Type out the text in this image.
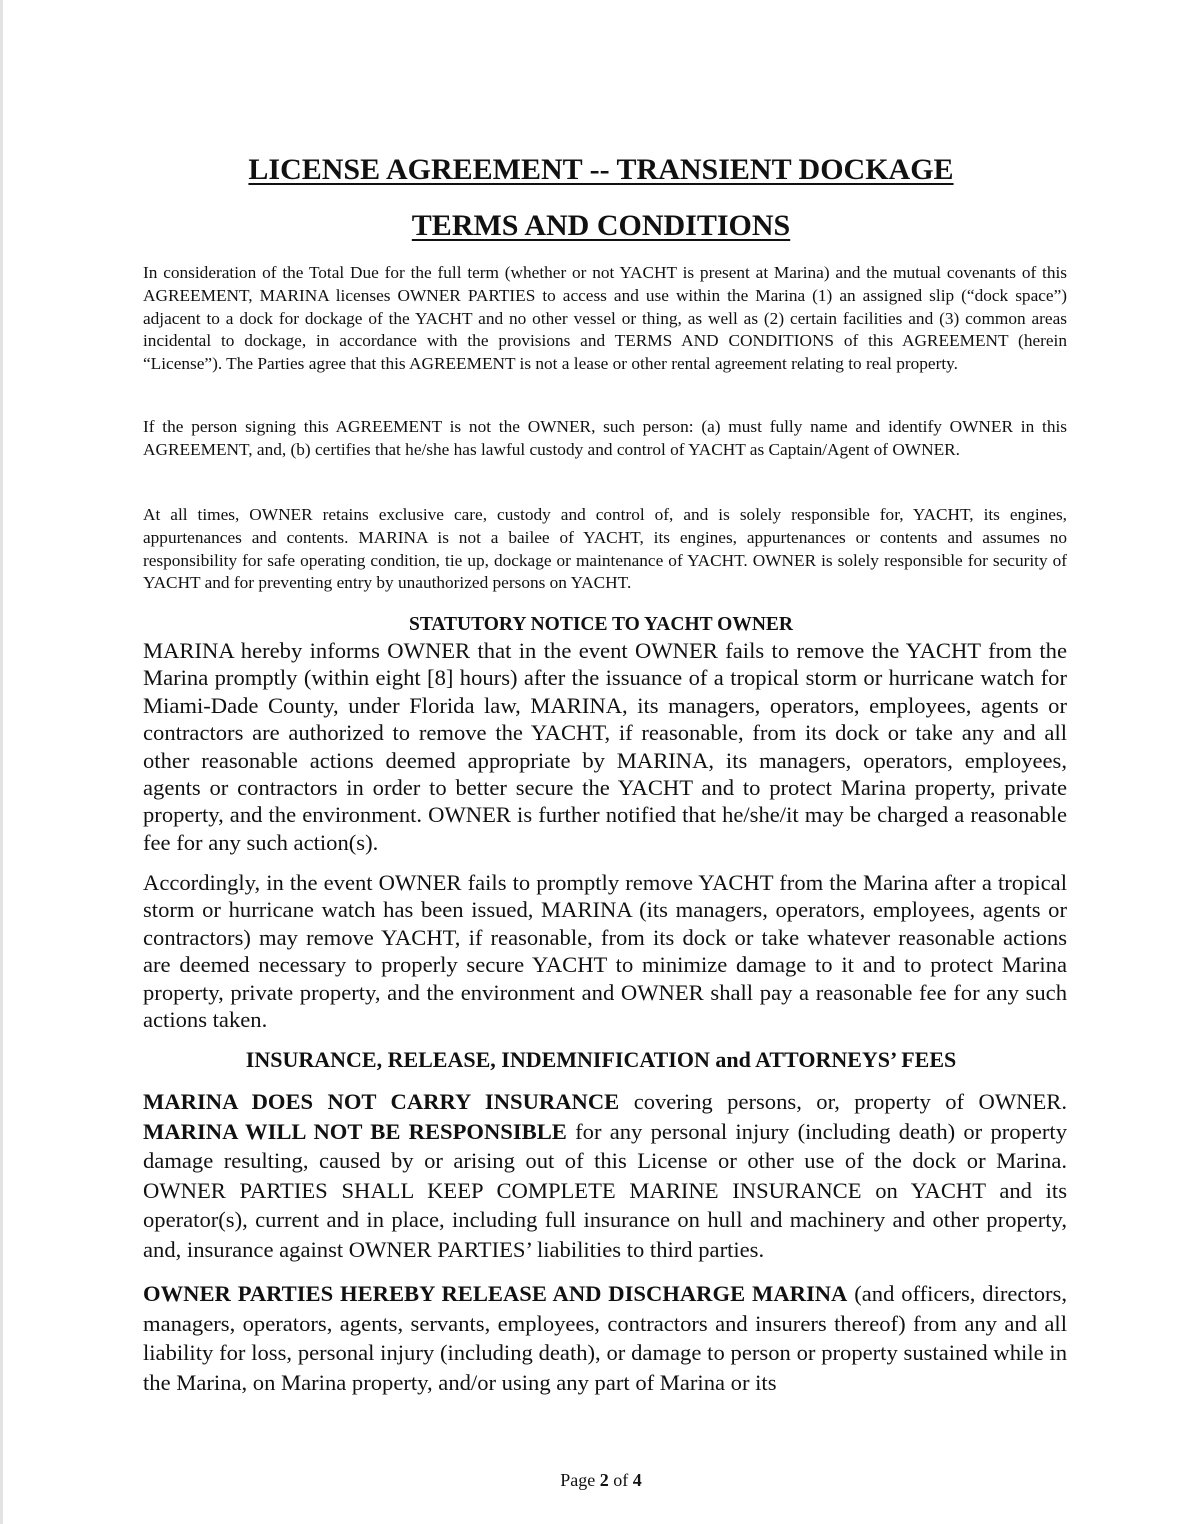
LICENSE AGREEMENT -- TRANSIENT DOCKAGE
TERMS AND CONDITIONS

In consideration of the Total Due for the full term (whether or not YACHT is present at Marina) and the mutual covenants of this AGREEMENT, MARINA licenses OWNER PARTIES to access and use within the Marina (1) an assigned slip (“dock space”) adjacent to a dock for dockage of the YACHT and no other vessel or thing, as well as (2) certain facilities and (3) common areas incidental to dockage, in accordance with the provisions and TERMS AND CONDITIONS of this AGREEMENT (herein “License”). The Parties agree that this AGREEMENT is not a lease or other rental agreement relating to real property.

If the person signing this AGREEMENT is not the OWNER, such person: (a) must fully name and identify OWNER in this AGREEMENT, and, (b) certifies that he/she has lawful custody and control of YACHT as Captain/Agent of OWNER.

At all times, OWNER retains exclusive care, custody and control of, and is solely responsible for, YACHT, its engines, appurtenances and contents. MARINA is not a bailee of YACHT, its engines, appurtenances or contents and assumes no responsibility for safe operating condition, tie up, dockage or maintenance of YACHT. OWNER is solely responsible for security of YACHT and for preventing entry by unauthorized persons on YACHT.

STATUTORY NOTICE TO YACHT OWNER

MARINA hereby informs OWNER that in the event OWNER fails to remove the YACHT from the Marina promptly (within eight [8] hours) after the issuance of a tropical storm or hurricane watch for Miami-Dade County, under Florida law, MARINA, its managers, operators, employees, agents or contractors are authorized to remove the YACHT, if reasonable, from its dock or take any and all other reasonable actions deemed appropriate by MARINA, its managers, operators, employees, agents or contractors in order to better secure the YACHT and to protect Marina property, private property, and the environment. OWNER is further notified that he/she/it may be charged a reasonable fee for any such action(s).

Accordingly, in the event OWNER fails to promptly remove YACHT from the Marina after a tropical storm or hurricane watch has been issued, MARINA (its managers, operators, employees, agents or contractors) may remove YACHT, if reasonable, from its dock or take whatever reasonable actions are deemed necessary to properly secure YACHT to minimize damage to it and to protect Marina property, private property, and the environment and OWNER shall pay a reasonable fee for any such actions taken.

INSURANCE, RELEASE, INDEMNIFICATION and ATTORNEYS’ FEES

MARINA DOES NOT CARRY INSURANCE covering persons, or, property of OWNER. MARINA WILL NOT BE RESPONSIBLE for any personal injury (including death) or property damage resulting, caused by or arising out of this License or other use of the dock or Marina. OWNER PARTIES SHALL KEEP COMPLETE MARINE INSURANCE on YACHT and its operator(s), current and in place, including full insurance on hull and machinery and other property, and, insurance against OWNER PARTIES’ liabilities to third parties.

OWNER PARTIES HEREBY RELEASE AND DISCHARGE MARINA (and officers, directors, managers, operators, agents, servants, employees, contractors and insurers thereof) from any and all liability for loss, personal injury (including death), or damage to person or property sustained while in the Marina, on Marina property, and/or using any part of Marina or its

Page 2 of 4
